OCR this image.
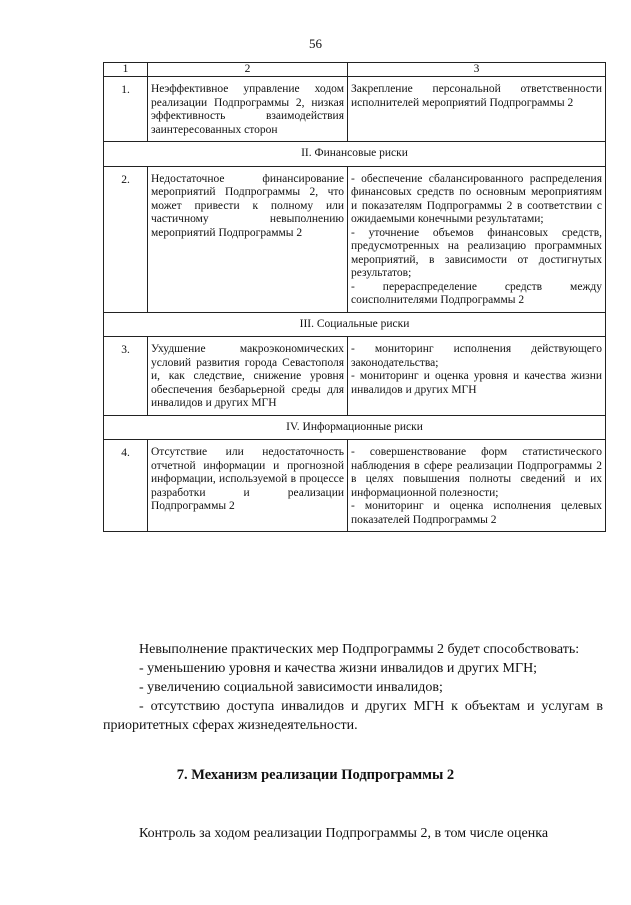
56
1	2	3
1.	Неэффективное управление ходом реализации Подпрограммы 2, низкая эффективность взаимодействия заинтересованных сторон	Закрепление персональной ответственности исполнителей мероприятий Подпрограммы 2

II. Финансовые риски		
2.	Недостаточное финансирование мероприятий Подпрограммы 2, что может привести к полному или частичному невыполнению мероприятий Подпрограммы 2	- обеспечение сбалансированного распределения финансовых средств по основным мероприятиям и показателям Подпрограммы 2 в соответствии с ожидаемыми конечными результатами;
- уточнение объемов финансовых средств, предусмотренных на реализацию программных мероприятий, в зависимости от достигнутых результатов;
- перераспределение средств между соисполнителями Подпрограммы 2

III. Социальные риски		
3.	Ухудшение макроэкономических условий развития города Севастополя и, как следствие, снижение уровня обеспечения безбарьерной среды для инвалидов и других МГН	- мониторинг исполнения действующего законодательства;
- мониторинг и оценка уровня и качества жизни инвалидов и других МГН

IV. Информационные риски		
4.	Отсутствие или недостаточность отчетной информации и прогнозной информации, используемой в процессе разработки и реализации Подпрограммы 2	- совершенствование форм статистического наблюдения в сфере реализации Подпрограммы 2 в целях повышения полноты сведений и их информационной полезности;
- мониторинг и оценка исполнения целевых показателей Подпрограммы 2
Невыполнение практических мер Подпрограммы 2 будет способствовать:
- уменьшению уровня и качества жизни инвалидов и других МГН;
- увеличению социальной зависимости инвалидов;
- отсутствию доступа инвалидов и других МГН к объектам и услугам в приоритетных сферах жизнедеятельности.
7. Механизм реализации Подпрограммы 2
Контроль за ходом реализации Подпрограммы 2, в том числе оценка
